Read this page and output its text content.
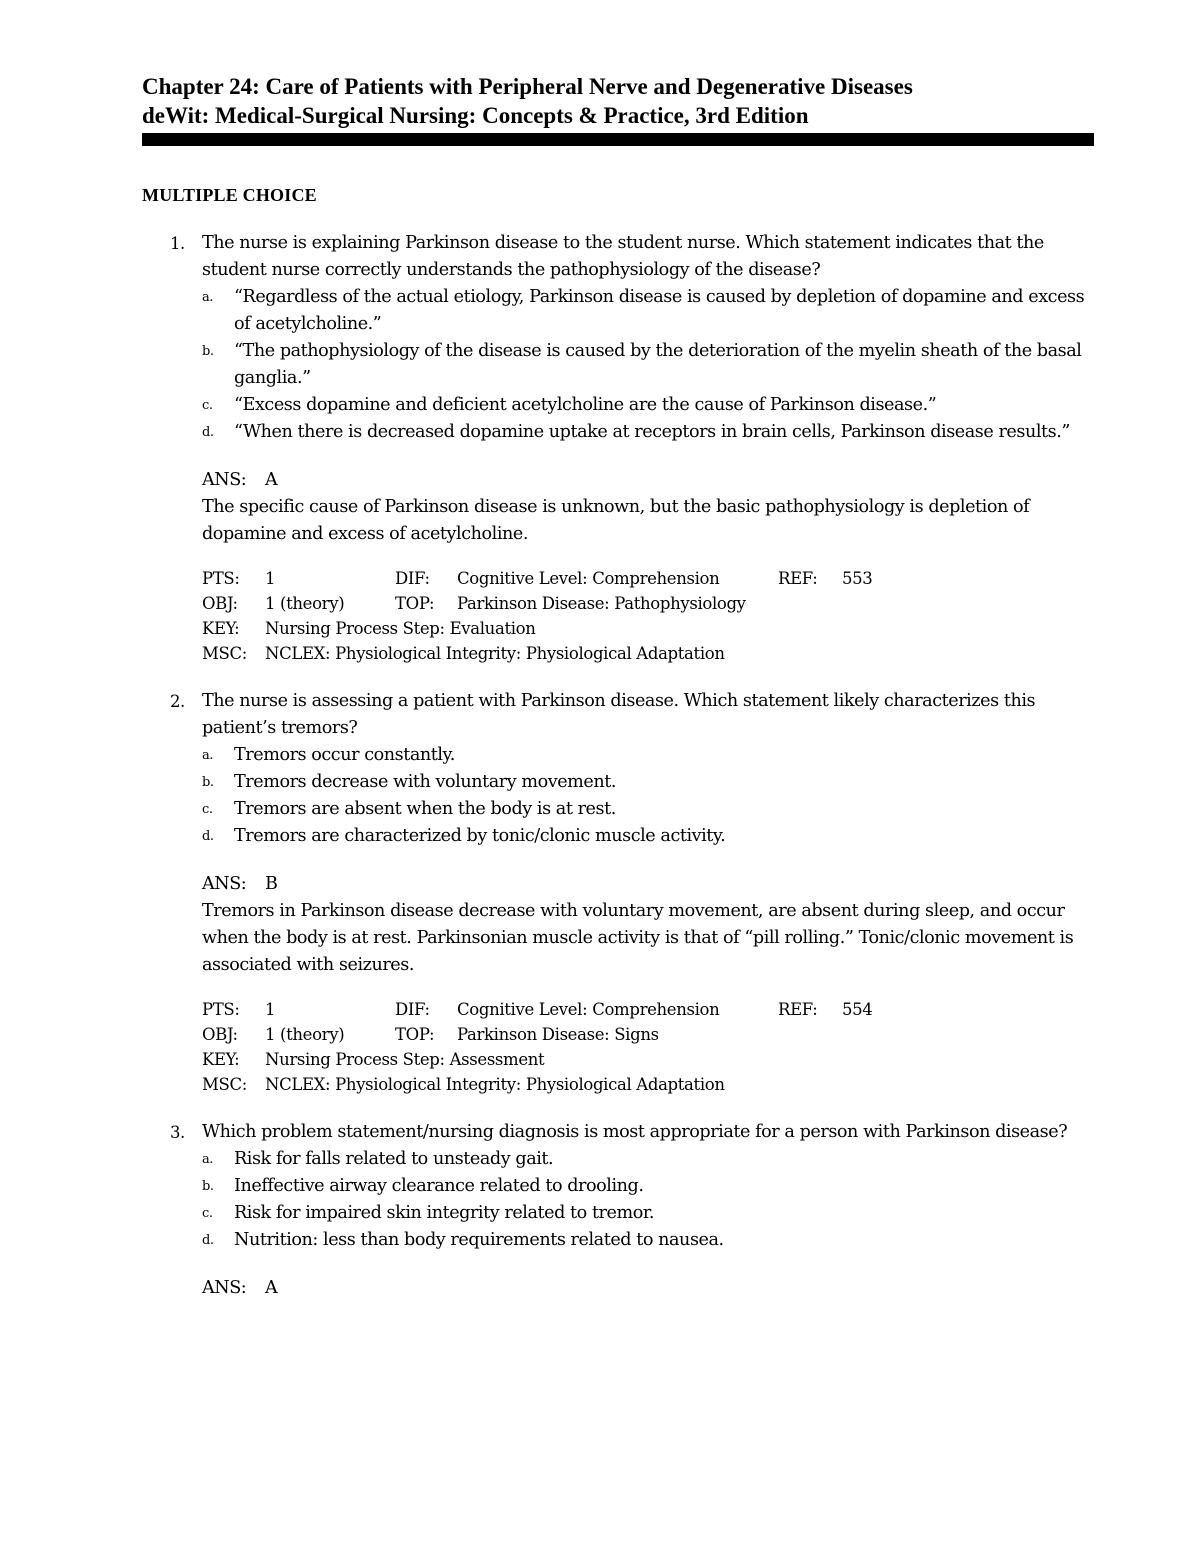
Chapter 24: Care of Patients with Peripheral Nerve and Degenerative Diseases
deWit: Medical-Surgical Nursing: Concepts & Practice, 3rd Edition
MULTIPLE CHOICE
1. The nurse is explaining Parkinson disease to the student nurse. Which statement indicates that the student nurse correctly understands the pathophysiology of the disease?

a. “Regardless of the actual etiology, Parkinson disease is caused by depletion of dopamine and excess of acetylcholine.”
b. “The pathophysiology of the disease is caused by the deterioration of the myelin sheath of the basal ganglia.”
c. “Excess dopamine and deficient acetylcholine are the cause of Parkinson disease.”
d. “When there is decreased dopamine uptake at receptors in brain cells, Parkinson disease results.”
ANS: A

The specific cause of Parkinson disease is unknown, but the basic pathophysiology is depletion of dopamine and excess of acetylcholine.

PTS: 1	DIF: Cognitive Level: Comprehension	REF: 553
OBJ: 1 (theory)	TOP: Parkinson Disease: Pathophysiology
KEY: Nursing Process Step: Evaluation
MSC: NCLEX: Physiological Integrity: Physiological Adaptation
2. The nurse is assessing a patient with Parkinson disease. Which statement likely characterizes this patient’s tremors?

a. Tremors occur constantly.
b. Tremors decrease with voluntary movement.
c. Tremors are absent when the body is at rest.
d. Tremors are characterized by tonic/clonic muscle activity.
ANS: B

Tremors in Parkinson disease decrease with voluntary movement, are absent during sleep, and occur when the body is at rest. Parkinsonian muscle activity is that of “pill rolling.” Tonic/clonic movement is associated with seizures.

PTS: 1	DIF: Cognitive Level: Comprehension	REF: 554
OBJ: 1 (theory)	TOP: Parkinson Disease: Signs
KEY: Nursing Process Step: Assessment
MSC: NCLEX: Physiological Integrity: Physiological Adaptation
3. Which problem statement/nursing diagnosis is most appropriate for a person with Parkinson disease?

a. Risk for falls related to unsteady gait.
b. Ineffective airway clearance related to drooling.
c. Risk for impaired skin integrity related to tremor.
d. Nutrition: less than body requirements related to nausea.
ANS: A
